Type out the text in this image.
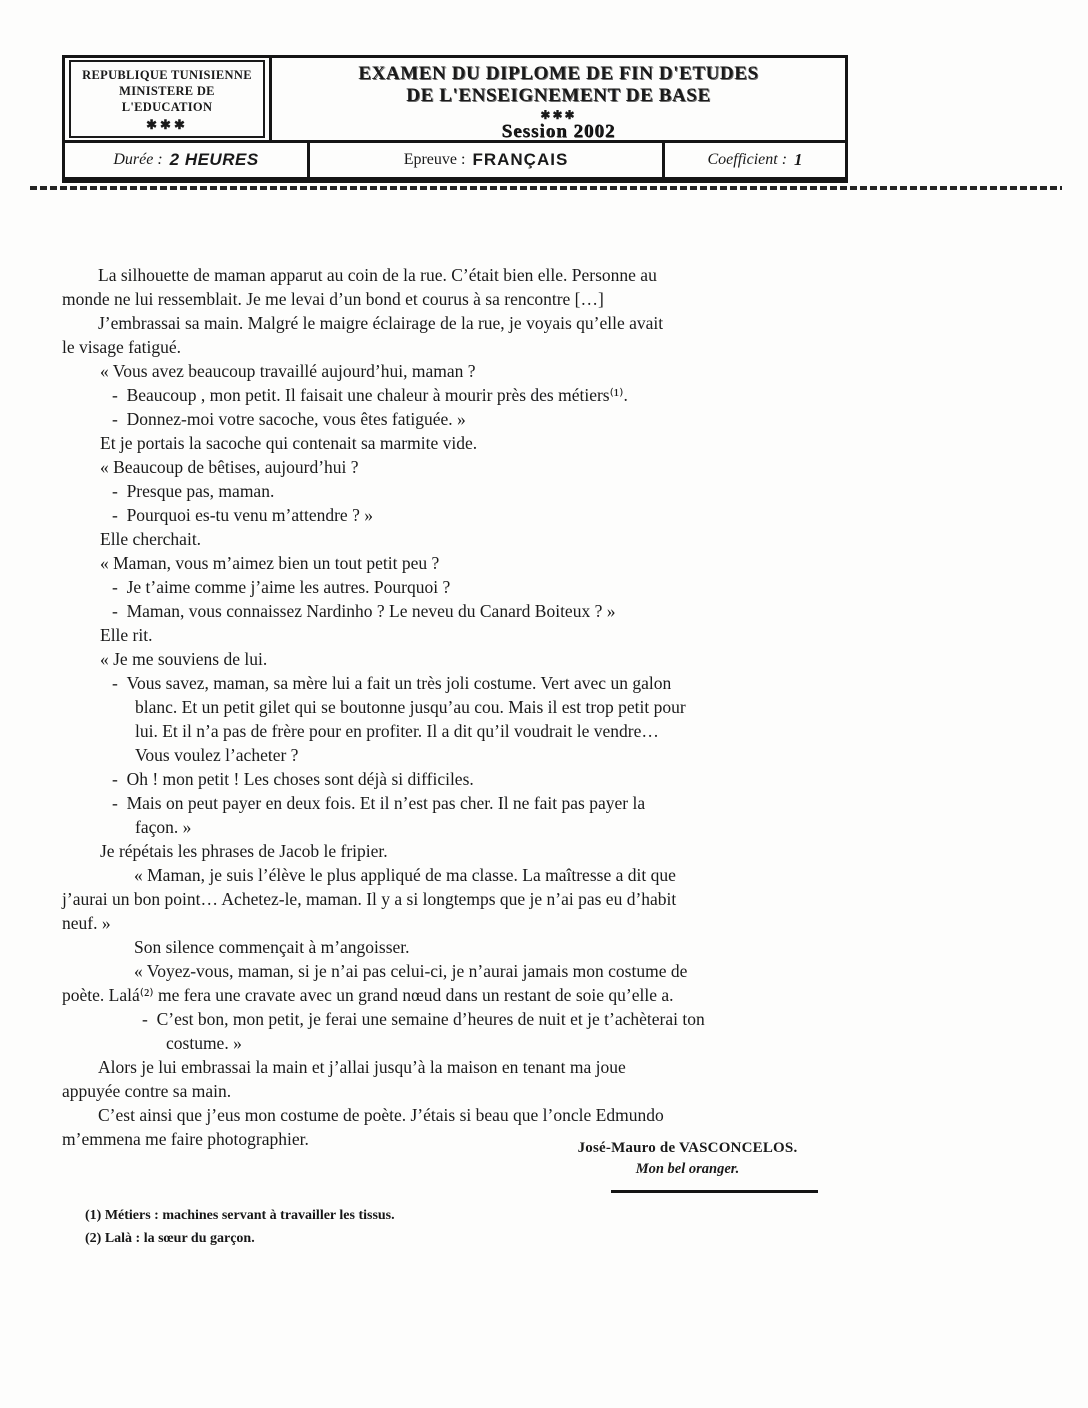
REPUBLIQUE TUNISIENNE
MINISTERE DE L'EDUCATION
✱✱✱
EXAMEN DU DIPLOME DE FIN D'ETUDES
DE L'ENSEIGNEMENT DE BASE
✱✱✱
Session 2002
Durée : 2 HEURES	Epreuve : FRANÇAIS	Coefficient : 1
La silhouette de maman apparut au coin de la rue. C’était bien elle. Personne au
monde ne lui ressemblait. Je me levai d’un bond et courus à sa rencontre […]
J’embrassai sa main. Malgré le maigre éclairage de la rue, je voyais qu’elle avait
le visage fatigué.
« Vous avez beaucoup travaillé aujourd’hui, maman ?
- Beaucoup , mon petit. Il faisait une chaleur à mourir près des métiers⁽¹⁾.
- Donnez-moi votre sacoche, vous êtes fatiguée. »
Et je portais la sacoche qui contenait sa marmite vide.
« Beaucoup de bêtises, aujourd’hui ?
- Presque pas, maman.
- Pourquoi es-tu venu m’attendre ? »
Elle cherchait.
« Maman, vous m’aimez bien un tout petit peu ?
- Je t’aime comme j’aime les autres. Pourquoi ?
- Maman, vous connaissez Nardinho ? Le neveu du Canard Boiteux ? »
Elle rit.
« Je me souviens de lui.
- Vous savez, maman, sa mère lui a fait un très joli costume. Vert avec un galon
blanc. Et un petit gilet qui se boutonne jusqu’au cou. Mais il est trop petit pour
lui. Et il n’a pas de frère pour en profiter. Il a dit qu’il voudrait le vendre…
Vous voulez l’acheter ?
- Oh ! mon petit ! Les choses sont déjà si difficiles.
- Mais on peut payer en deux fois. Et il n’est pas cher. Il ne fait pas payer la
façon. »
Je répétais les phrases de Jacob le fripier.
« Maman, je suis l’élève le plus appliqué de ma classe. La maîtresse a dit que
j’aurai un bon point… Achetez-le, maman. Il y a si longtemps que je n’ai pas eu d’habit
neuf. »
Son silence commençait à m’angoisser.
« Voyez-vous, maman, si je n’ai pas celui-ci, je n’aurai jamais mon costume de
poète. Lalá⁽²⁾ me fera une cravate avec un grand nœud dans un restant de soie qu’elle a.
- C’est bon, mon petit, je ferai une semaine d’heures de nuit et je t’achèterai ton
costume. »
Alors je lui embrassai la main et j’allai jusqu’à la maison en tenant ma joue
appuyée contre sa main.
C’est ainsi que j’eus mon costume de poète. J’étais si beau que l’oncle Edmundo
m’emmena me faire photographier.	José-Mauro de VASCONCELOS.
Mon bel oranger.
(1) Métiers : machines servant à travailler les tissus.
(2) Lalà : la sœur du garçon.
